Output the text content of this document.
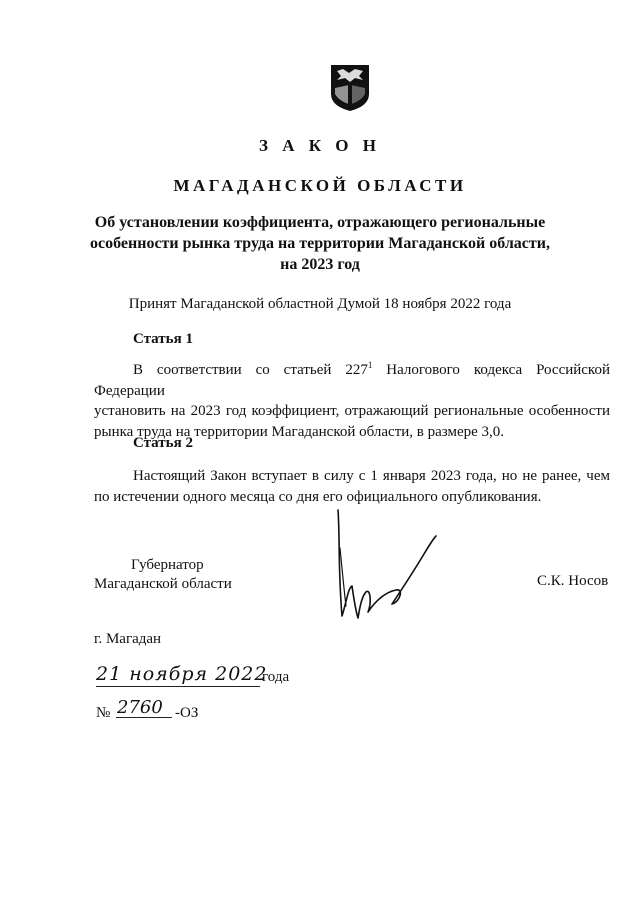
З А К О Н
МАГАДАНСКОЙ ОБЛАСТИ
Об установлении коэффициента, отражающего региональные
особенности рынка труда на территории Магаданской области,
на 2023 год
Принят Магаданской областной Думой 18 ноября 2022 года
Статья 1
В соответствии со статьей $227^1$ Налогового кодекса Российской Федерации
установить на 2023 год коэффициент, отражающий региональные особенности рынка труда на территории Магаданской области, в размере 3,0.
Статья 2
Настоящий Закон вступает в силу с 1 января 2023 года, но не ранее, чем
по истечении одного месяца со дня его официального опубликования.
Губернатор
Магаданской области	С.К. Носов
г. Магадан
21 ноября 2022
года
№ 2760 -ОЗ
